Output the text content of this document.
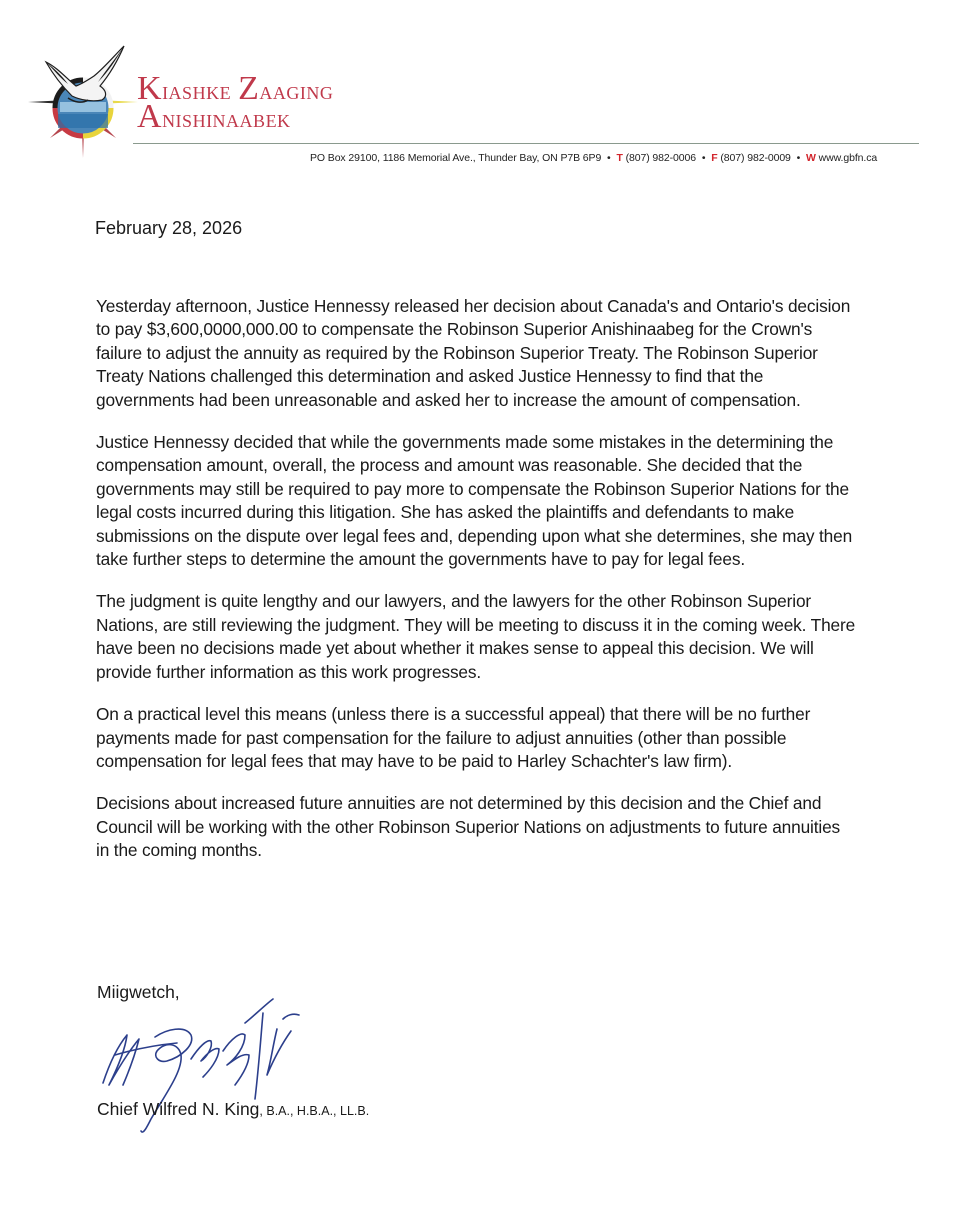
Kiashke Zaaging
Anishinaabek
PO Box 29100, 1186 Memorial Ave., Thunder Bay, ON P7B 6P9 • T (807) 982-0006 • F (807) 982-0009 • W www.gbfn.ca
February 28, 2026

Yesterday afternoon, Justice Hennessy released her decision about Canada's and Ontario's decision to pay $3,600,0000,000.00 to compensate the Robinson Superior Anishinaabeg for the Crown's failure to adjust the annuity as required by the Robinson Superior Treaty. The Robinson Superior Treaty Nations challenged this determination and asked Justice Hennessy to find that the governments had been unreasonable and asked her to increase the amount of compensation.

Justice Hennessy decided that while the governments made some mistakes in the determining the compensation amount, overall, the process and amount was reasonable. She decided that the governments may still be required to pay more to compensate the Robinson Superior Nations for the legal costs incurred during this litigation. She has asked the plaintiffs and defendants to make submissions on the dispute over legal fees and, depending upon what she determines, she may then take further steps to determine the amount the governments have to pay for legal fees.

The judgment is quite lengthy and our lawyers, and the lawyers for the other Robinson Superior Nations, are still reviewing the judgment. They will be meeting to discuss it in the coming week. There have been no decisions made yet about whether it makes sense to appeal this decision. We will provide further information as this work progresses.

On a practical level this means (unless there is a successful appeal) that there will be no further payments made for past compensation for the failure to adjust annuities (other than possible compensation for legal fees that may have to be paid to Harley Schachter's law firm).

Decisions about increased future annuities are not determined by this decision and the Chief and Council will be working with the other Robinson Superior Nations on adjustments to future annuities in the coming months.

Miigwetch,
Chief Wilfred N. King, B.A., H.B.A., LL.B.
